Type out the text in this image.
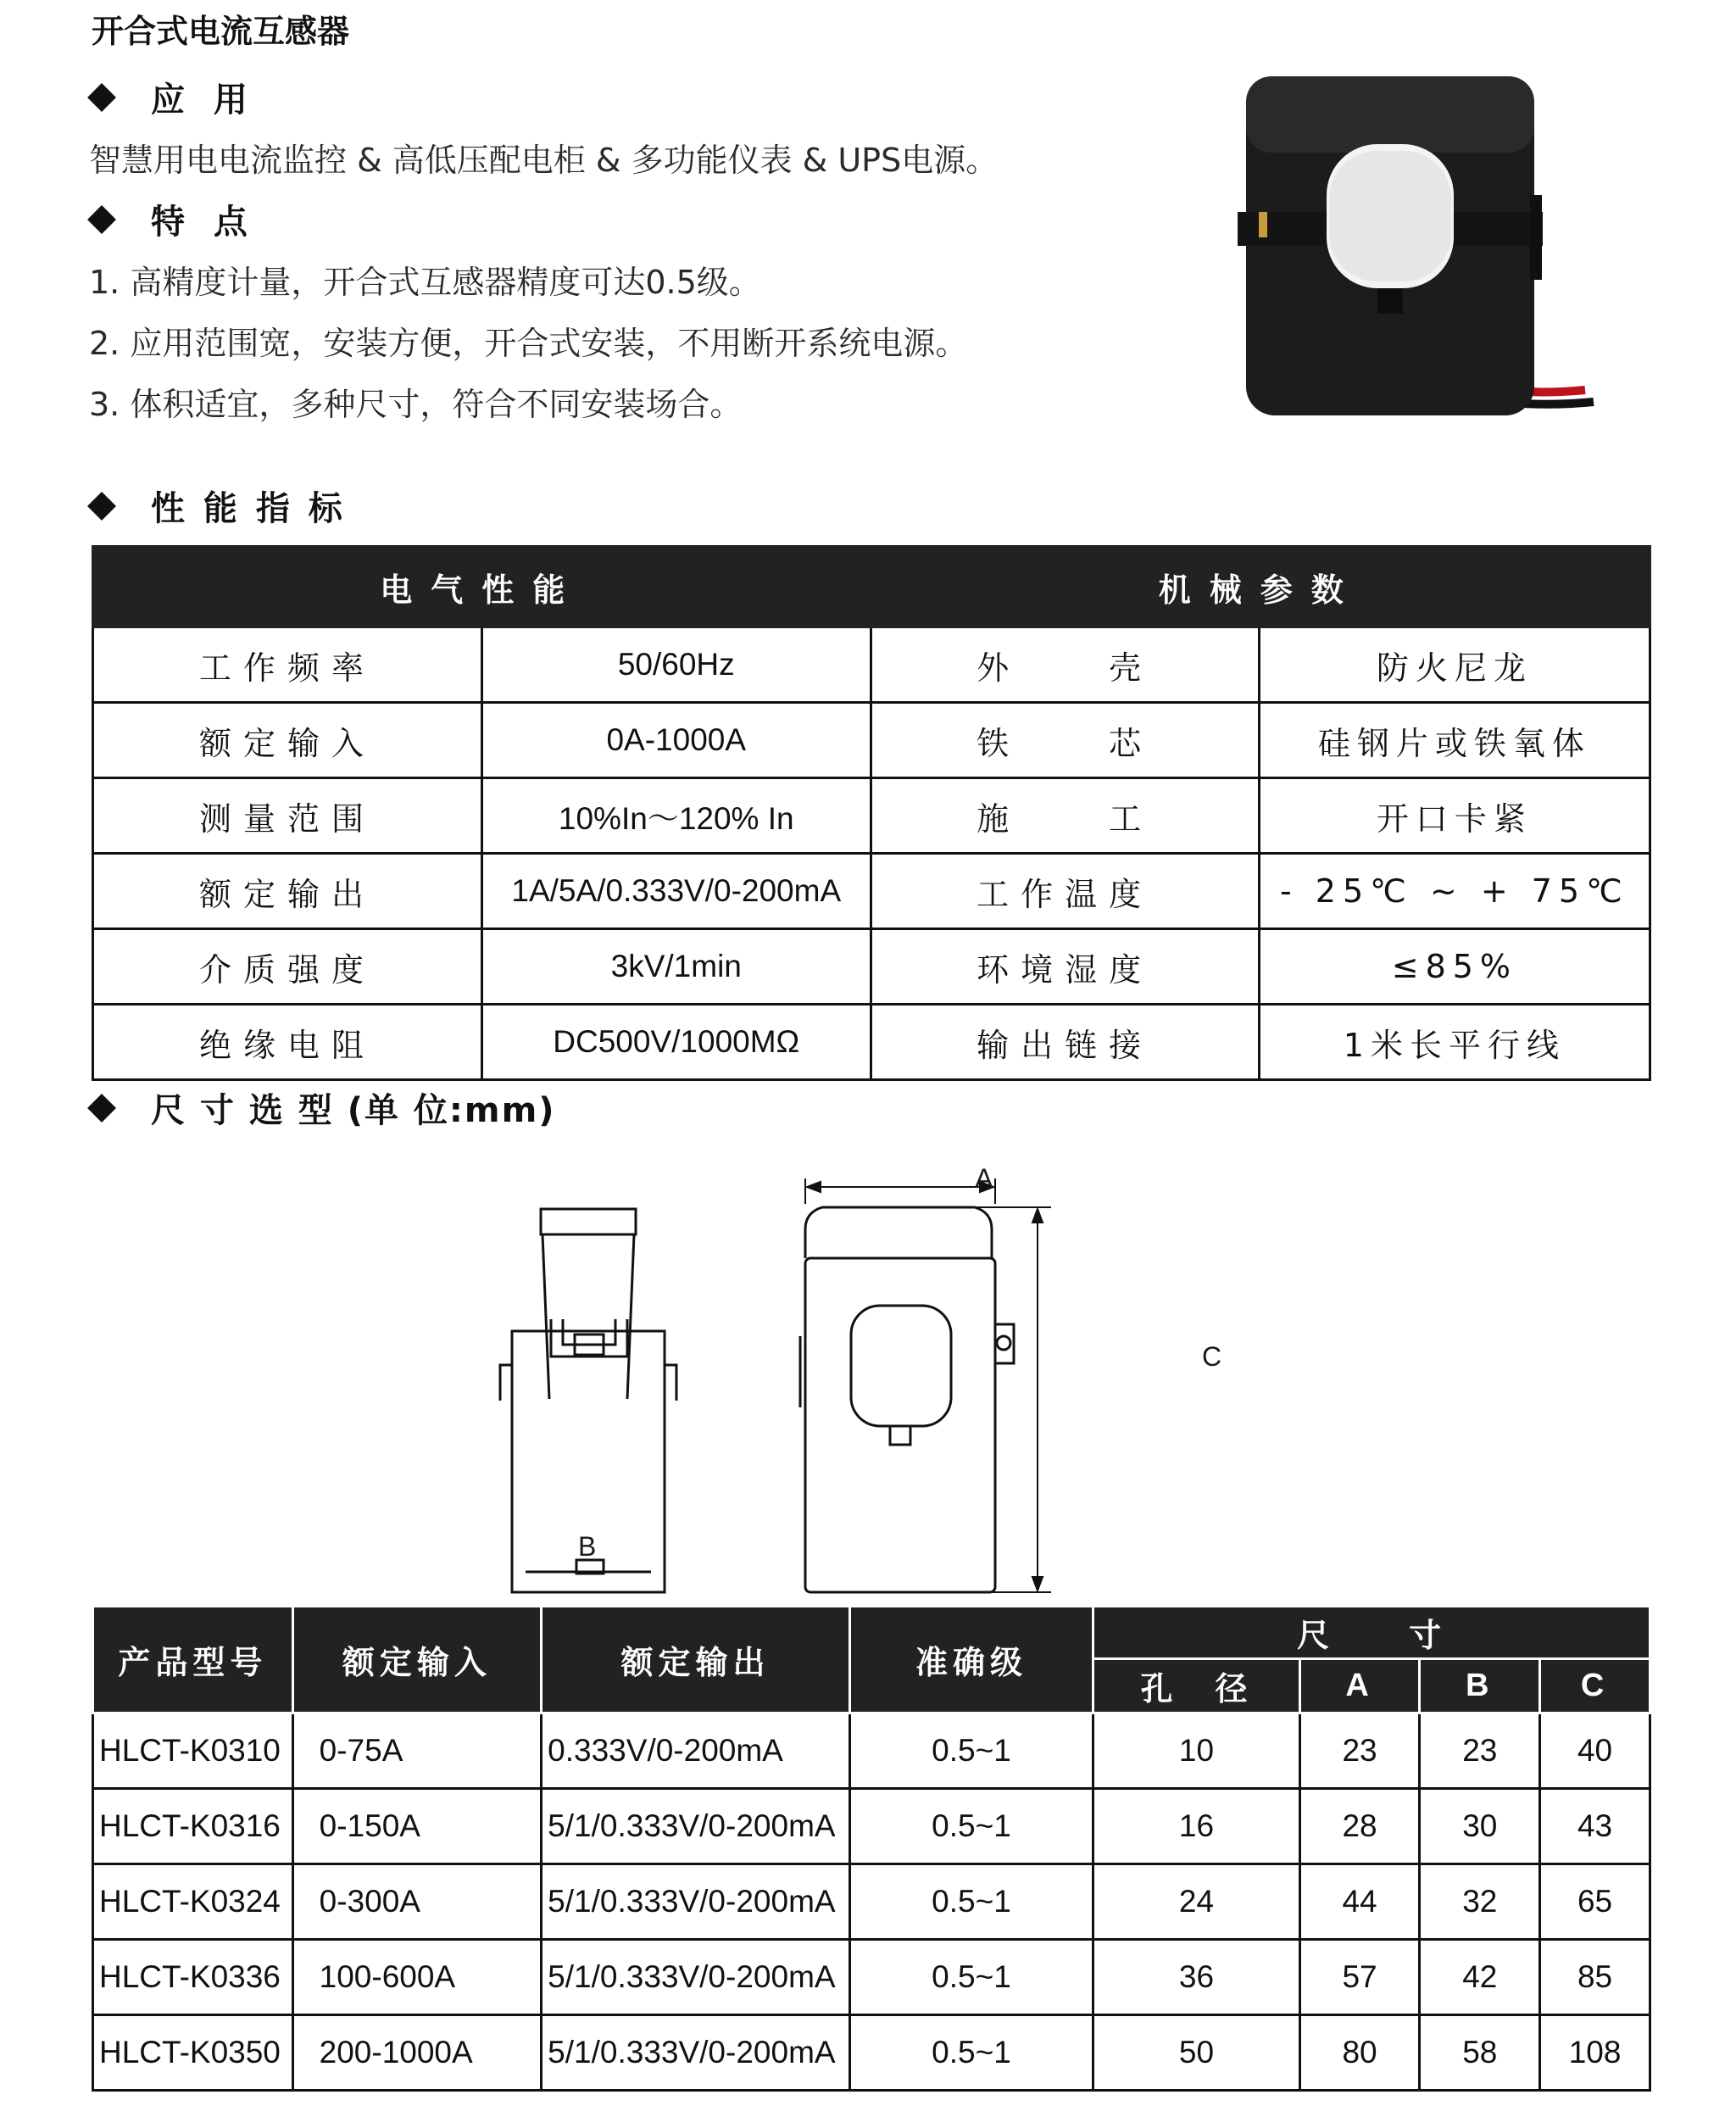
开合式电流互感器
应 用
智慧用电电流监控 & 高低压配电柜 & 多功能仪表 & UPS电源。
特 点
1. 高精度计量，开合式互感器精度可达0.5级。
2. 应用范围宽，安装方便，开合式安装，不用断开系统电源。
3. 体积适宜，多种尺寸，符合不同安装场合。
性 能 指 标
电气性能		机械参数	
工作频率	50/60Hz	外　　壳	防火尼龙
额定输入	0A-1000A	铁　　芯	硅钢片或铁氧体
测量范围	10%In～120% In	施　　工	开口卡紧
额定输出	1A/5A/0.333V/0-200mA	工作温度	- 25℃ ~ + 75℃
介质强度	3kV/1min	环境湿度	≤85%
绝缘电阻	DC500V/1000MΩ	输出链接	1米长平行线
尺 寸 选 型 (单 位:mm)
A
C
B
产品型号	额定输入	额定输出	准确级	尺　　寸			
				孔　径	A	B	C
HLCT-K0310	0-75A	0.333V/0-200mA	0.5~1	10	23	23	40
HLCT-K0316	0-150A	5/1/0.333V/0-200mA	0.5~1	16	28	30	43
HLCT-K0324	0-300A	5/1/0.333V/0-200mA	0.5~1	24	44	32	65
HLCT-K0336	100-600A	5/1/0.333V/0-200mA	0.5~1	36	57	42	85
HLCT-K0350	200-1000A	5/1/0.333V/0-200mA	0.5~1	50	80	58	108
